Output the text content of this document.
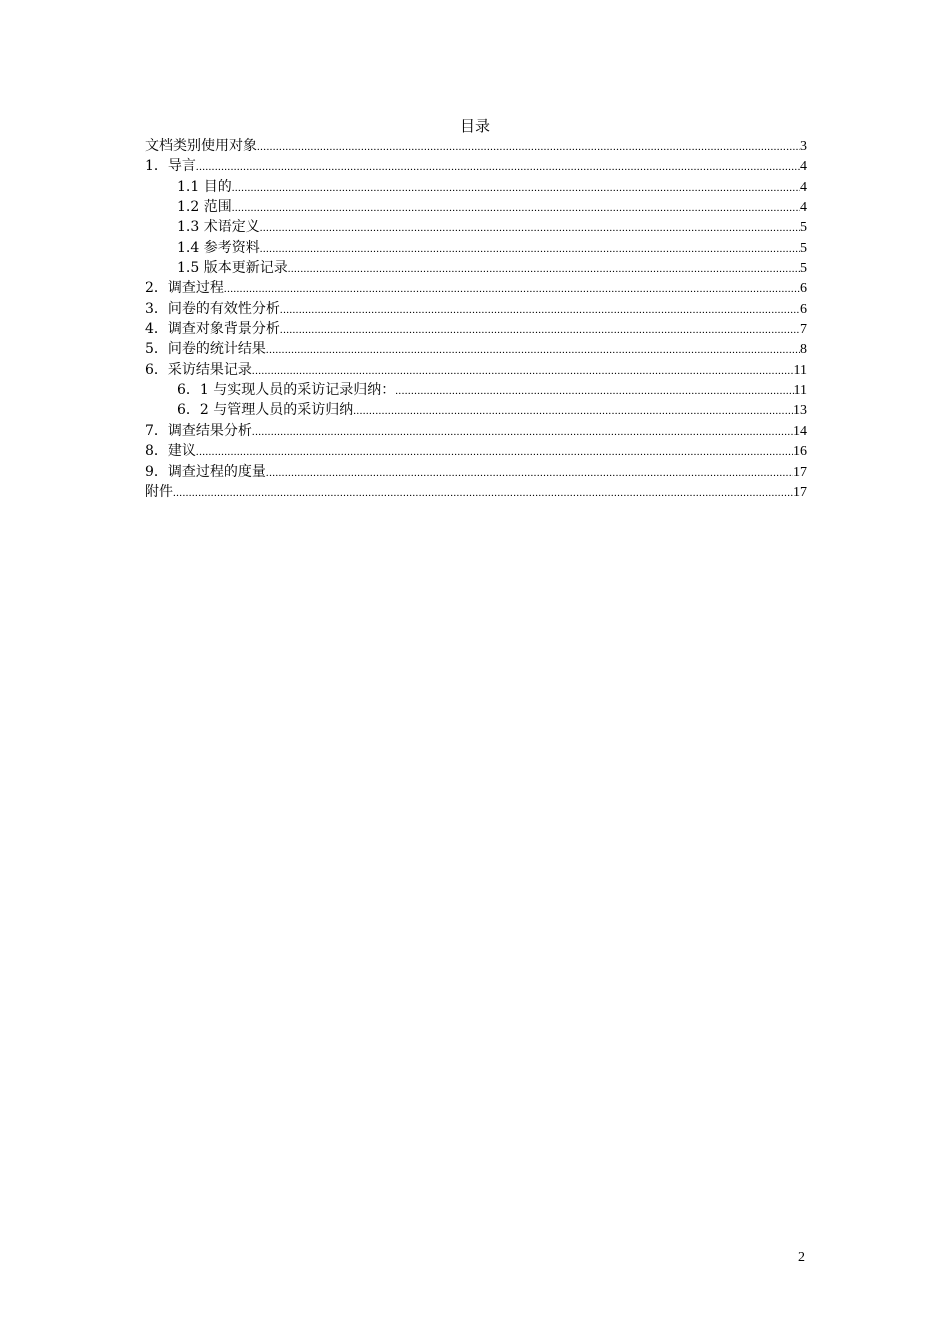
目录
文档类别使用对象 .....	3
1．导言 .....	4
1.1 目的 .....	4
1.2 范围 .....	4
1.3 术语定义 .....	5
1.4 参考资料 .....	5
1.5 版本更新记录 .....	5
2．调查过程 .....	6
3．问卷的有效性分析 .....	6
4．调查对象背景分析 .....	7
5．问卷的统计结果 .....	8
6．采访结果记录 .....	11
6．1 与实现人员的采访记录归纳： .....	11
6．2 与管理人员的采访归纳 .....	13
7．调查结果分析 .....	14
8．建议 .....	16
9．调查过程的度量 .....	17
附件 .....	17
2
